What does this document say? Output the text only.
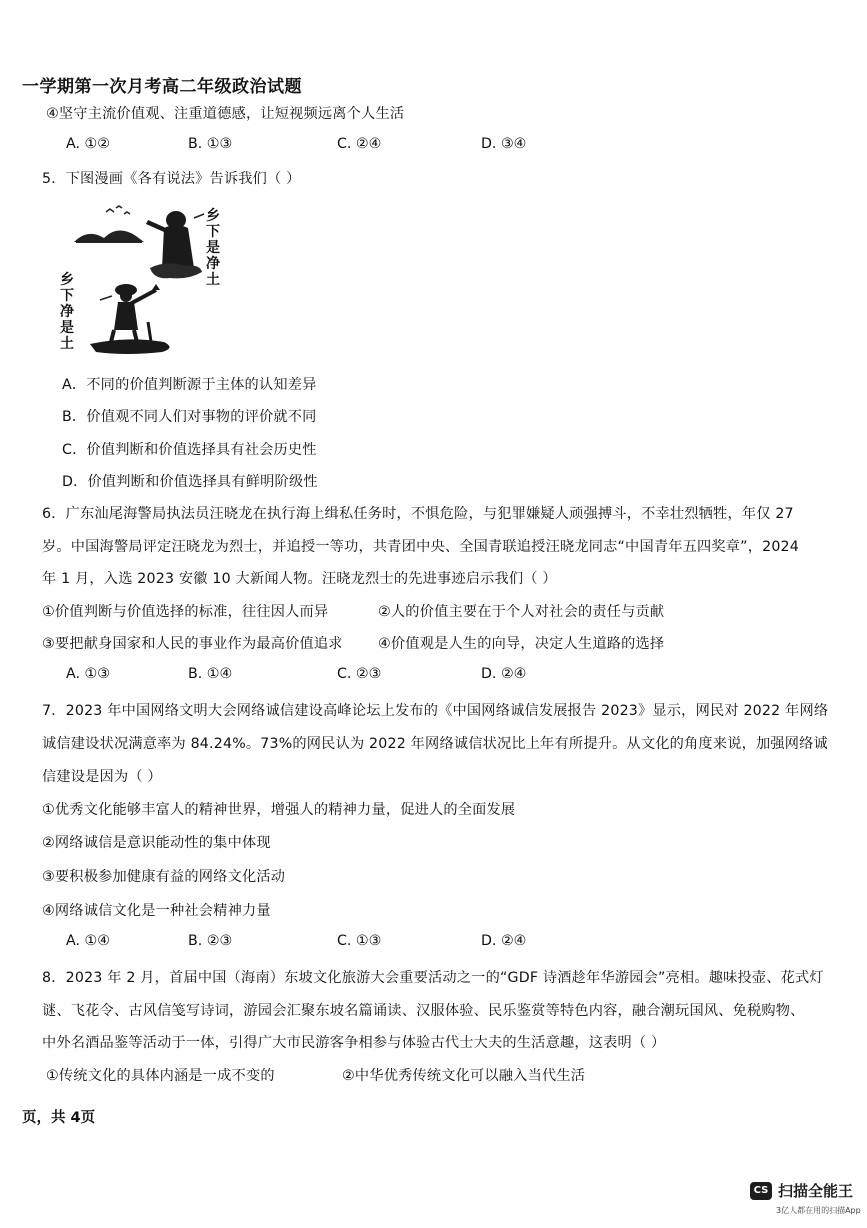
一学期第一次月考高二年级政治试题
④坚守主流价值观、注重道德感，让短视频远离个人生活
A. ①②	B. ①③	C. ②④	D. ③④
5．下图漫画《各有说法》告诉我们（ ）
乡下是净土
乡下净是土
A．不同的价值判断源于主体的认知差异
B．价值观不同人们对事物的评价就不同
C．价值判断和价值选择具有社会历史性
D．价值判断和价值选择具有鲜明阶级性
6．广东汕尾海警局执法员汪晓龙在执行海上缉私任务时，不惧危险，与犯罪嫌疑人顽强搏斗，不幸壮烈牺牲，年仅 27
岁。中国海警局评定汪晓龙为烈士，并追授一等功，共青团中央、全国青联追授汪晓龙同志“中国青年五四奖章”，2024
年 1 月，入选 2023 安徽 10 大新闻人物。汪晓龙烈士的先进事迹启示我们（ ）
①价值判断与价值选择的标准，往往因人而异	②人的价值主要在于个人对社会的责任与贡献
③要把献身国家和人民的事业作为最高价值追求 ④价值观是人生的向导，决定人生道路的选择
A. ①③	B. ①④	C. ②③	D. ②④
7．2023 年中国网络文明大会网络诚信建设高峰论坛上发布的《中国网络诚信发展报告 2023》显示，网民对 2022 年网络
诚信建设状况满意率为 84.24%。73%的网民认为 2022 年网络诚信状况比上年有所提升。从文化的角度来说，加强网络诚
信建设是因为（ ）
①优秀文化能够丰富人的精神世界，增强人的精神力量，促进人的全面发展
②网络诚信是意识能动性的集中体现
③要积极参加健康有益的网络文化活动
④网络诚信文化是一种社会精神力量
A. ①④	B. ②③	C. ①③	D. ②④
8．2023 年 2 月，首届中国（海南）东坡文化旅游大会重要活动之一的“GDF 诗酒趁年华游园会”亮相。趣味投壶、花式灯
谜、飞花令、古风信笺写诗词，游园会汇聚东坡名篇诵读、汉服体验、民乐鉴赏等特色内容，融合潮玩国风、免税购物、
中外名酒品鉴等活动于一体，引得广大市民游客争相参与体验古代士大夫的生活意趣，这表明（ ）
①传统文化的具体内涵是一成不变的	②中华优秀传统文化可以融入当代生活
页，共 4页
CS 扫描全能王
3亿人都在用的扫描App
